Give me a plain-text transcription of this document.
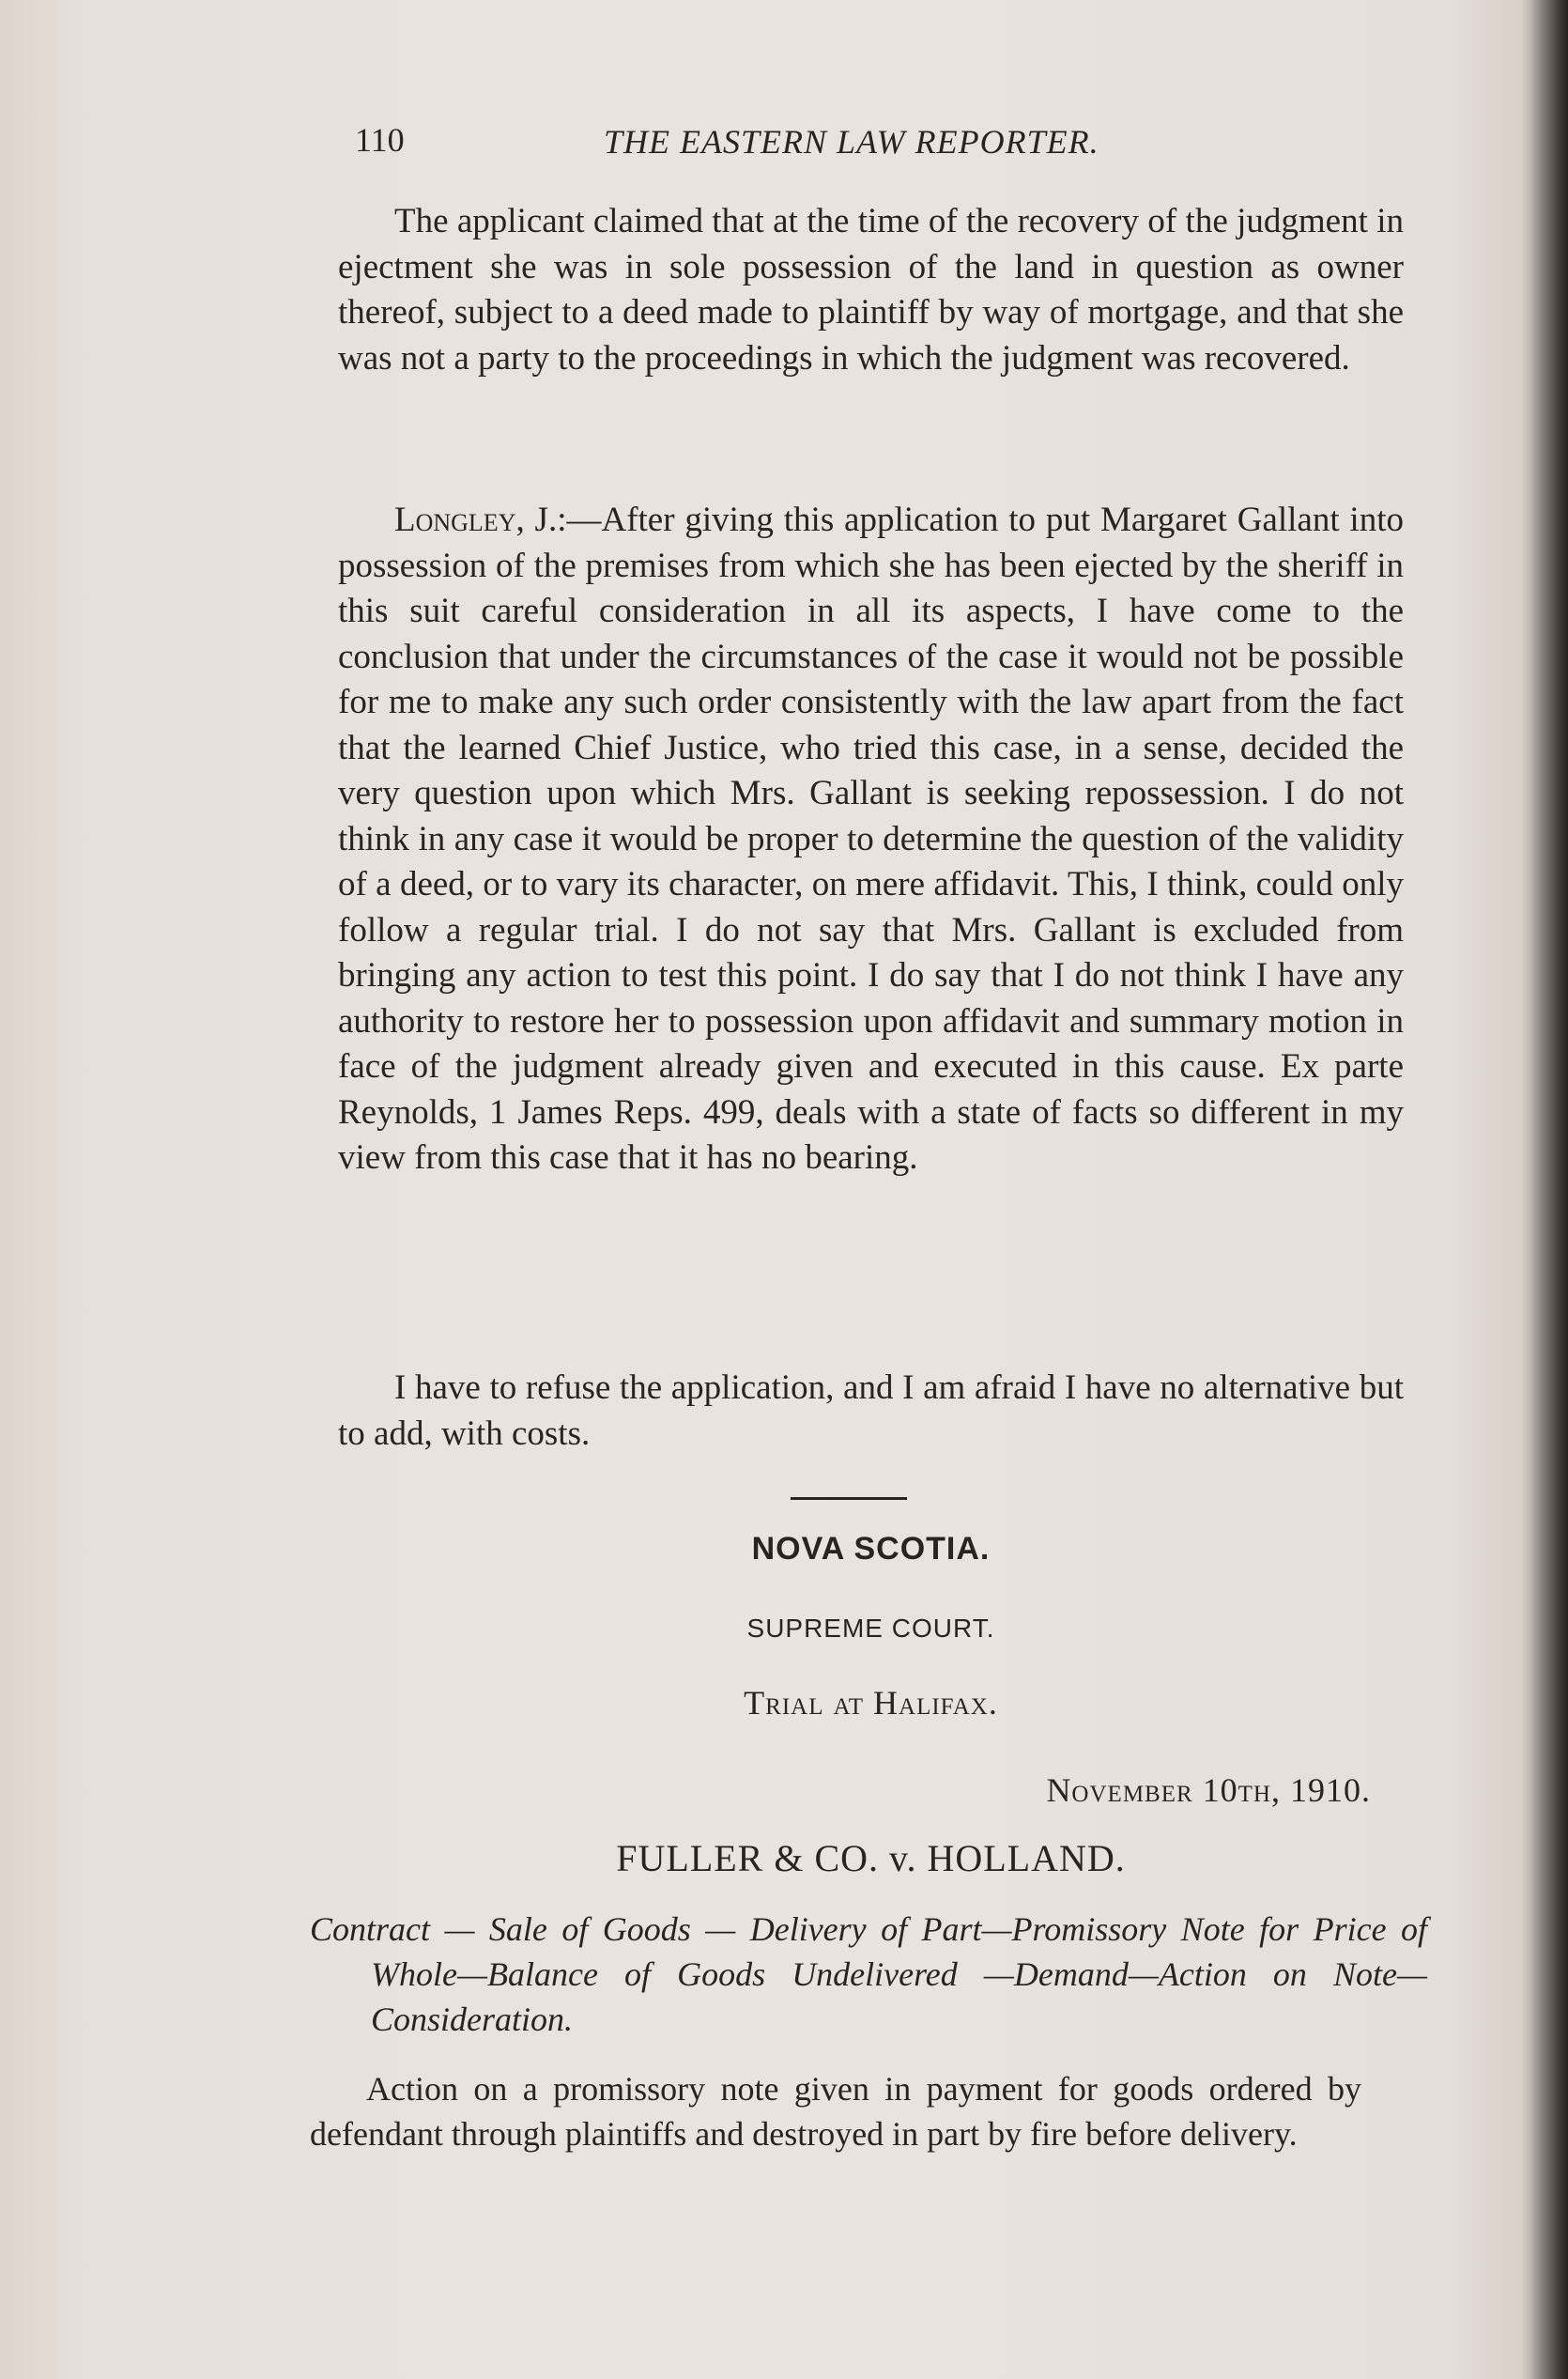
110	THE EASTERN LAW REPORTER.

The applicant claimed that at the time of the recovery of the judgment in ejectment she was in sole possession of the land in question as owner thereof, subject to a deed made to plaintiff by way of mortgage, and that she was not a party to the proceedings in which the judgment was recovered.

Longley, J.:—After giving this application to put Margaret Gallant into possession of the premises from which she has been ejected by the sheriff in this suit careful consideration in all its aspects, I have come to the conclusion that under the circumstances of the case it would not be possible for me to make any such order consistently with the law apart from the fact that the learned Chief Justice, who tried this case, in a sense, decided the very question upon which Mrs. Gallant is seeking repossession. I do not think in any case it would be proper to determine the question of the validity of a deed, or to vary its character, on mere affidavit. This, I think, could only follow a regular trial. I do not say that Mrs. Gallant is excluded from bringing any action to test this point. I do say that I do not think I have any authority to restore her to possession upon affidavit and summary motion in face of the judgment already given and executed in this cause. Ex parte Reynolds, 1 James Reps. 499, deals with a state of facts so different in my view from this case that it has no bearing.

I have to refuse the application, and I am afraid I have no alternative but to add, with costs.

NOVA SCOTIA.
SUPREME COURT.
Trial at Halifax.
November 10th, 1910.
FULLER & CO. v. HOLLAND.

Contract — Sale of Goods — Delivery of Part—Promissory Note for Price of Whole—Balance of Goods Undelivered —Demand—Action on Note—Consideration.

Action on a promissory note given in payment for goods ordered by defendant through plaintiffs and destroyed in part by fire before delivery.
